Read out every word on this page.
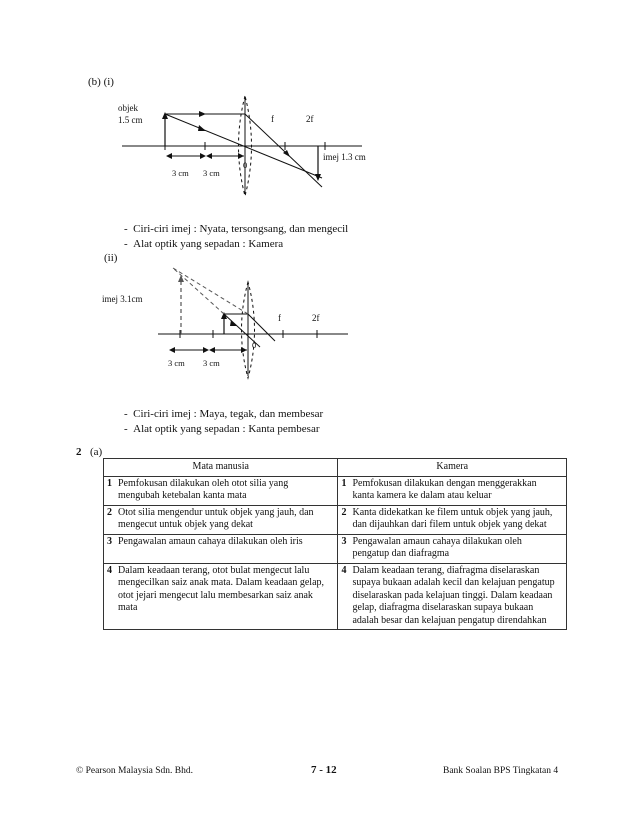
(b) (i)
objek
1.5 cm	f	2f
0
imej 1.3 cm
3 cm 3 cm
-  Ciri-ciri imej : Nyata, tersongsang, dan mengecil
-  Alat optik yang sepadan : Kamera
(ii)
imej 3.1cm
f	2f
0
3 cm 3 cm
-  Ciri-ciri imej : Maya, tegak, dan membesar
-  Alat optik yang sepadan : Kanta pembesar
2 (a)
Mata manusia	Kamera
1 Pemfokusan dilakukan oleh otot silia yang mengubah ketebalan kanta mata	1 Pemfokusan dilakukan dengan menggerakkan kanta kamera ke dalam atau keluar
2 Otot silia mengendur untuk objek yang jauh, dan mengecut untuk objek yang dekat	2 Kanta didekatkan ke filem untuk objek yang jauh, dan dijauhkan dari filem untuk objek yang dekat
3 Pengawalan amaun cahaya dilakukan oleh iris	3 Pengawalan amaun cahaya dilakukan oleh pengatup dan diafragma
4 Dalam keadaan terang, otot bulat mengecut lalu mengecilkan saiz anak mata. Dalam keadaan gelap, otot jejari mengecut lalu membesarkan saiz anak mata	4 Dalam keadaan terang, diafragma diselaraskan supaya bukaan adalah kecil dan kelajuan pengatup diselaraskan pada kelajuan tinggi. Dalam keadaan gelap, diafragma diselaraskan supaya bukaan adalah besar dan kelajuan pengatup direndahkan
© Pearson Malaysia Sdn. Bhd.	7 - 12	Bank Soalan BPS Tingkatan 4
